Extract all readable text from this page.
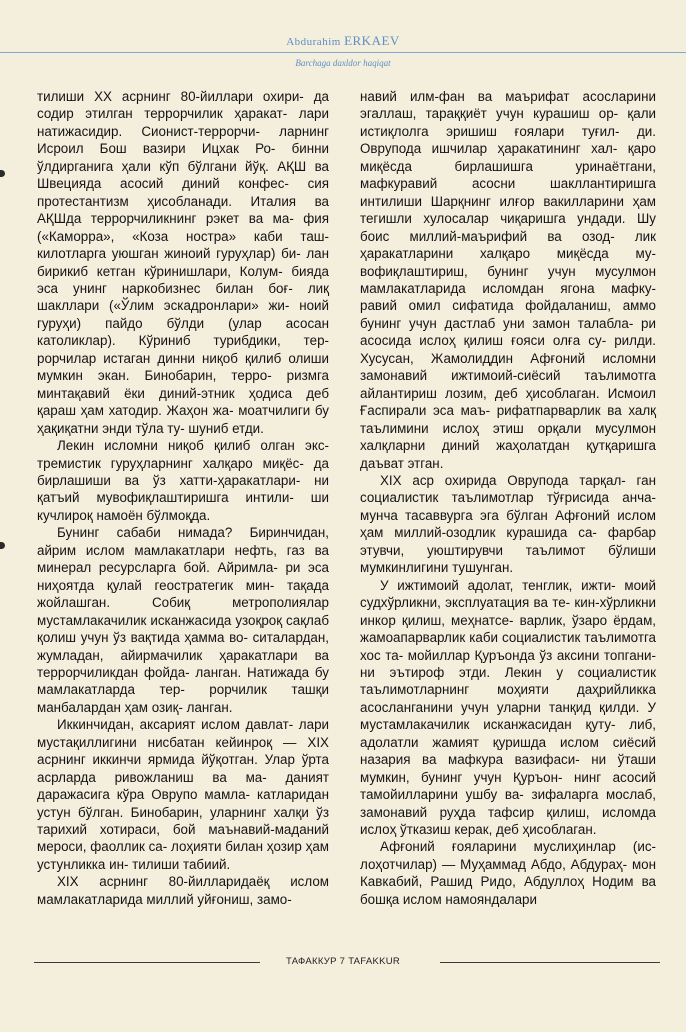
Abdurahim ERKAEV
Barchaga daxldor haqiqat

тилиши XX асрнинг 80-йиллари охири- да содир этилган террорчилик ҳаракат- лари натижасидир. Сионист-террорчи- ларнинг Исроил Бош вазири Ицхак Ро- бинни ўлдирганига ҳали кўп бўлгани йўқ. АҚШ ва Швецияда асосий диний конфес- сия протестантизм ҳисобланади. Италия ва АҚШда террорчиликнинг рэкет ва ма- фия («Каморра», «Коза ностра» каби таш- килотларга уюшган жиноий гуруҳлар) би- лан бирикиб кетган кўринишлари, Колум- бияда эса унинг наркобизнес билан боғ- лиқ шакллари («Ўлим эскадронлари» жи- ноий гуруҳи) пайдо бўлди (улар асосан католиклар). Кўриниб турибдики, тер- рорчилар истаган динни ниқоб қилиб олиши мумкин экан. Бинобарин, терро- ризмга минтақавий ёки диний-этник ҳодиса деб қараш ҳам хатодир. Жаҳон жа- моатчилиги бу ҳақиқатни энди тўла ту- шуниб етди.

Лекин исломни ниқоб қилиб олган экс- тремистик гуруҳларнинг халқаро миқёс- да бирлашиши ва ўз хатти-ҳаракатлари- ни қатъий мувофиқлаштиришга интили- ши кучлироқ намоён бўлмоқда.

Бунинг сабаби нимада? Биринчидан, айрим ислом мамлакатлари нефть, газ ва минерал ресурсларга бой. Айримла- ри эса ниҳоятда қулай геостратегик мин- тақада жойлашган. Собиқ метрополиялар мустамлакачилик исканжасида узоқроқ сақлаб қолиш учун ўз вақтида ҳамма во- ситалардан, жумладан, айирмачилик ҳаракатлари ва террорчиликдан фойда- ланган. Натижада бу мамлакатларда тер- рорчилик ташқи манбалардан ҳам озиқ- ланган.

Иккинчидан, аксарият ислом давлат- лари мустақиллигини нисбатан кейинроқ — XIX асрнинг иккинчи ярмида йўқотган. Улар ўрта асрларда ривожланиш ва ма- даният даражасига кўра Оврупо мамла- катларидан устун бўлган. Бинобарин, уларнинг халқи ўз тарихий хотираси, бой маънавий-маданий мероси, фаоллик са- лоҳияти билан ҳозир ҳам устунликка ин- тилиши табиий.

XIX асрнинг 80-йилларидаёқ ислом мамлакатларида миллий уйғониш, замо-

навий илм-фан ва маърифат асосларини эгаллаш, тараққиёт учун курашиш ор- қали истиқлолга эришиш ғоялари туғил- ди. Оврупода ишчилар ҳаракатининг хал- қаро миқёсда бирлашишга уринаётгани, мафкуравий асосни шакллантиришга интилиши Шарқнинг илғор вакилларини ҳам тегишли хулосалар чиқаришга ундади. Шу боис миллий-маърифий ва озод- лик ҳаракатларини халқаро миқёсда му- вофиқлаштириш, бунинг учун мусулмон мамлакатларида исломдан ягона мафку- равий омил сифатида фойдаланиш, аммо бунинг учун дастлаб уни замон талабла- ри асосида ислоҳ қилиш ғояси олға су- рилди. Хусусан, Жамолиддин Афғоний исломни замонавий ижтимоий-сиёсий таълимотга айлантириш лозим, деб ҳисоблаган. Исмоил Ғаспирали эса маъ- рифатпарварлик ва халқ таълимини ислоҳ этиш орқали мусулмон халқларни диний жаҳолатдан қутқаришга даъват этган.

XIX аср охирида Оврупода тарқал- ган социалистик таълимотлар тўғрисида анча-мунча тасаввурга эга бўлган Афғоний ислом ҳам миллий-озодлик курашида са- фарбар этувчи, уюштирувчи таълимот бўлиши мумкинлигини тушунган.

У ижтимоий адолат, тенглик, ижти- моий судхўрликни, эксплуатация ва те- кин-хўрликни инкор қилиш, меҳнатсе- варлик, ўзаро ёрдам, жамоапарварлик каби социалистик таълимотга хос та- мойиллар Қуръонда ўз аксини топгани- ни эътироф этди. Лекин у социалистик таълимотларнинг моҳияти даҳрийликка асосланганини учун уларни танқид қилди. У мустамлакачилик исканжасидан қуту- либ, адолатли жамият қуришда ислом сиёсий назария ва мафкура вазифаси- ни ўташи мумкин, бунинг учун Қуръон- нинг асосий тамойилларини ушбу ва- зифаларга мослаб, замонавий руҳда тафсир қилиш, исломда ислоҳ ўтказиш керак, деб ҳисоблаган.

Афғоний ғояларини муслиҳинлар (ис- лоҳотчилар) — Муҳаммад Абдо, Абдураҳ- мон Кавкабий, Рашид Ридо, Абдуллоҳ Нодим ва бошқа ислом намояндалари

ТАФАККУР 7 TAFAKKUR
